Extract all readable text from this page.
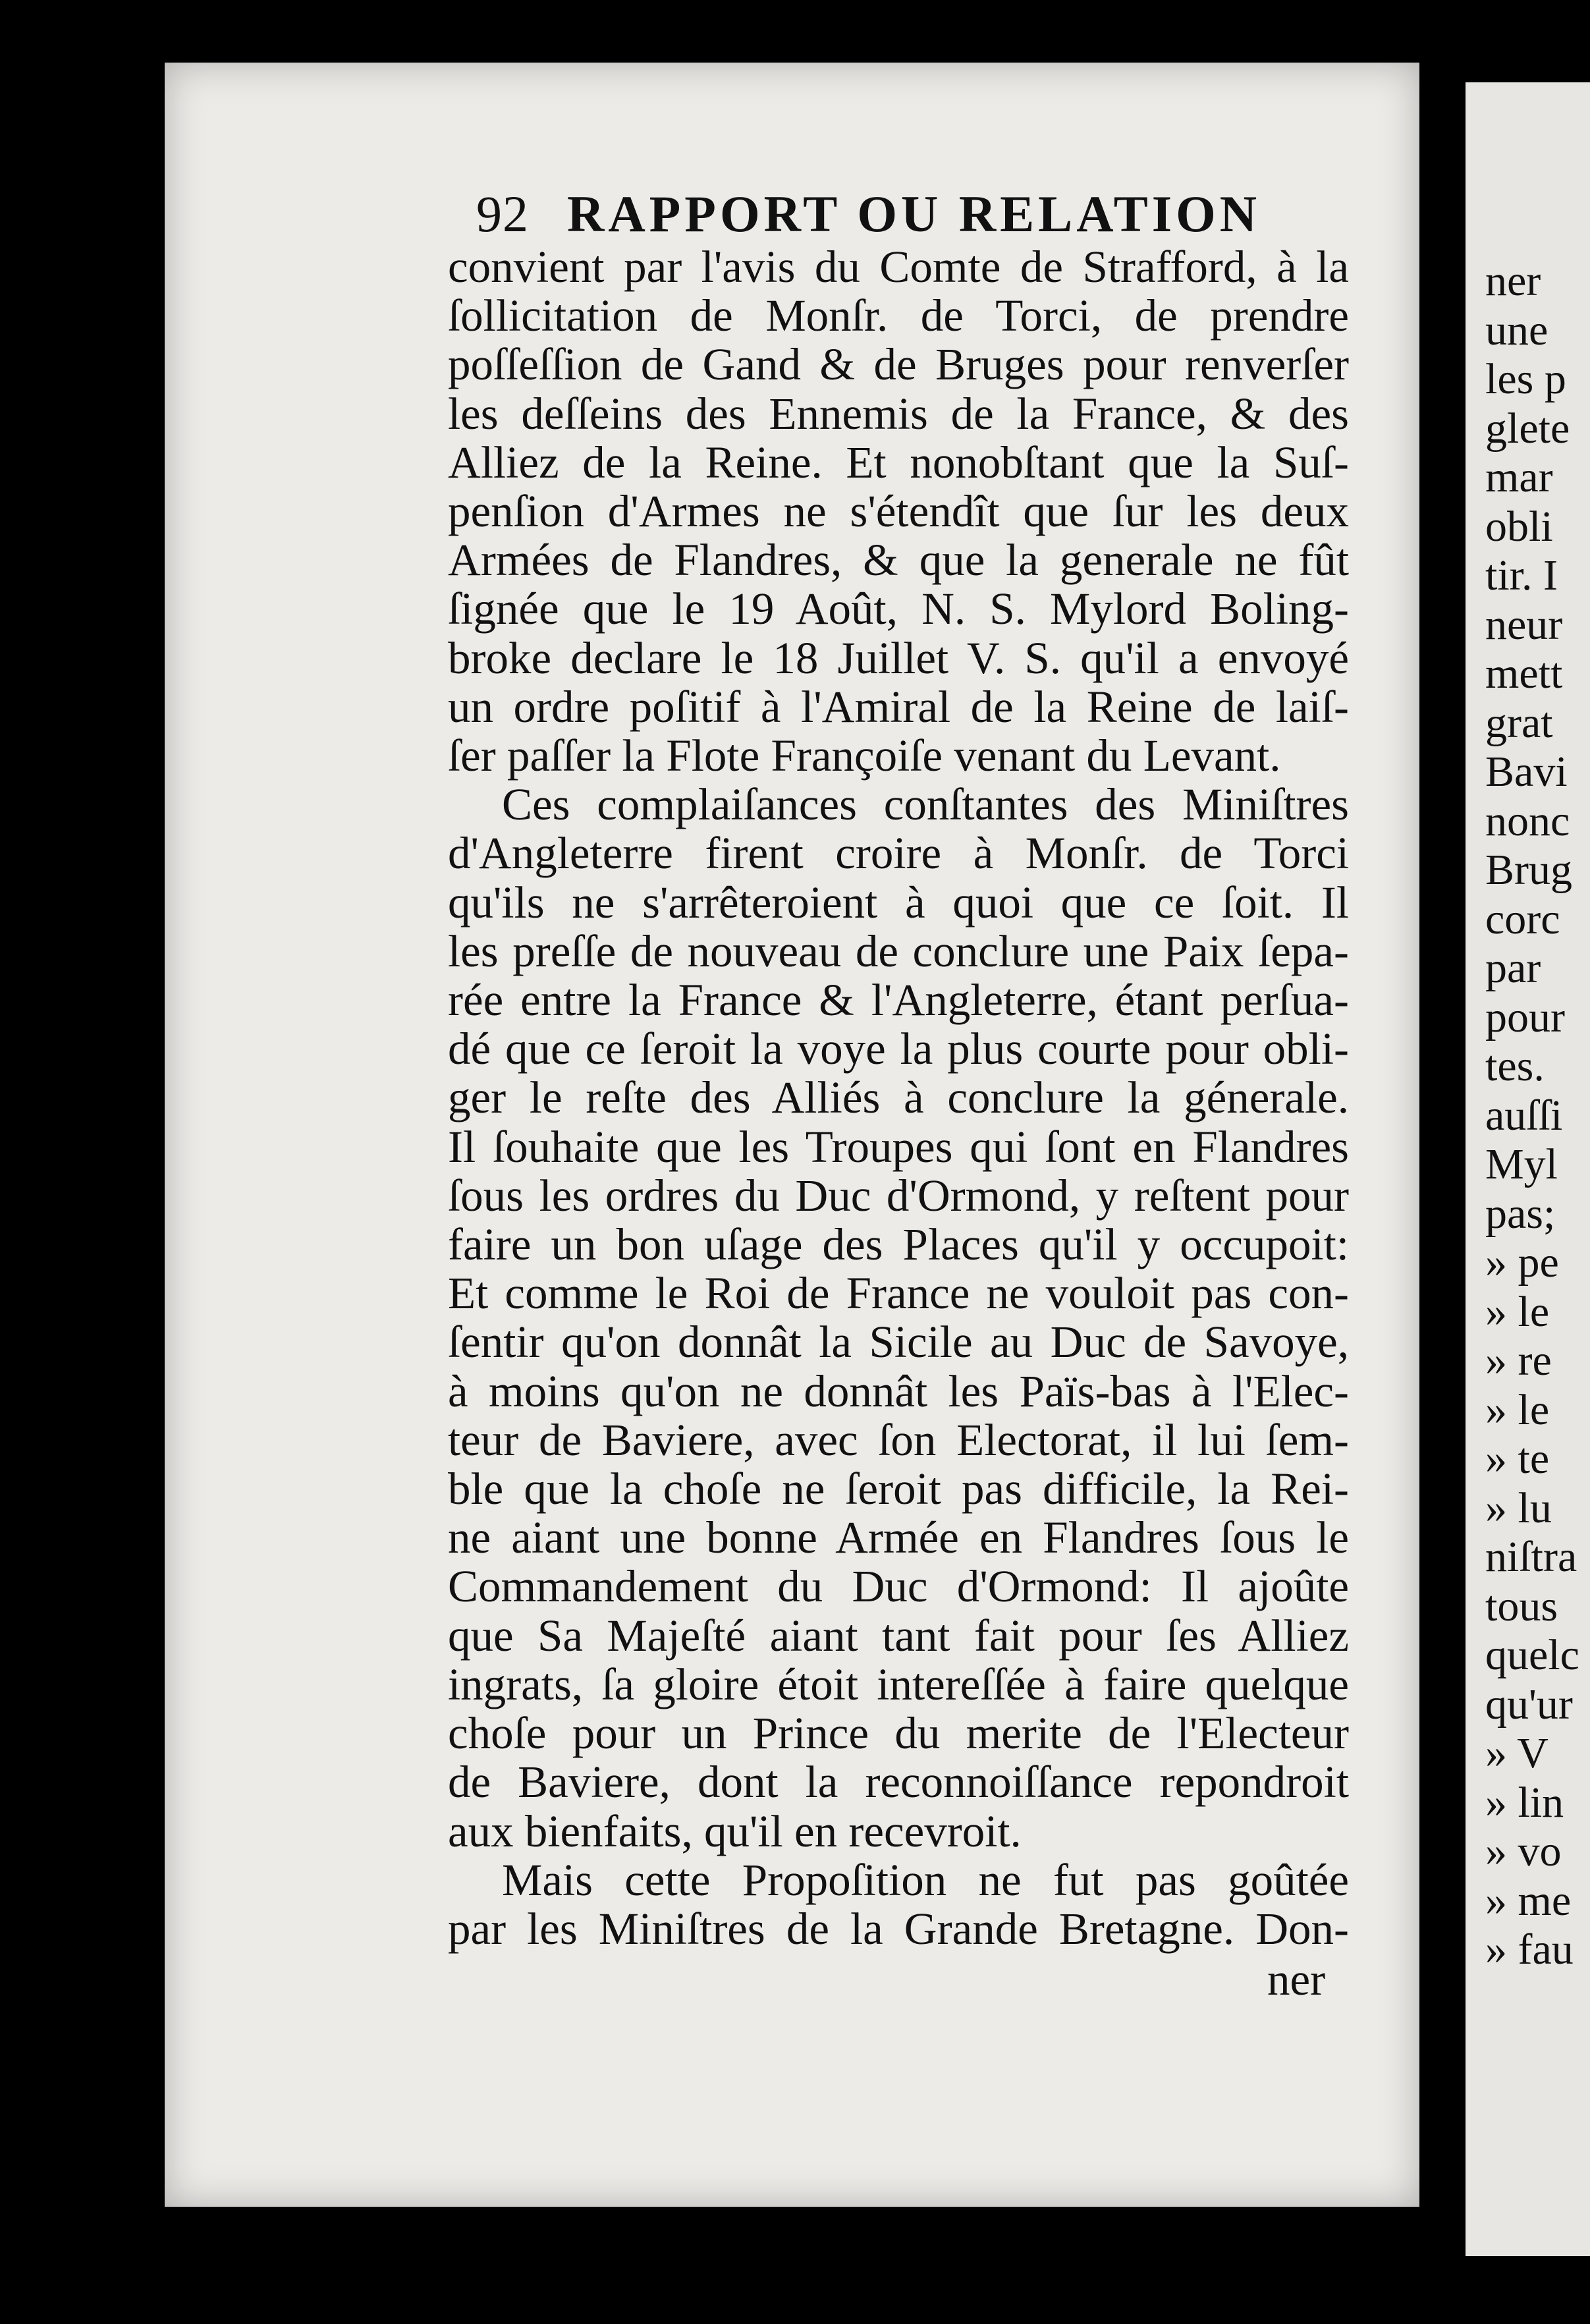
ner
une
les p
glete
mar
obli
tir. I
neur
mett
grat
Bavi
nonc
Brug
corc
par
pour
tes.
auſſi
Myl
pas;
» pe
» le
» re
» le
» te
» lu
niſtra
tous
quelc
qu'ur
» V
» lin
» vo
» me
» fau
92 RAPPORT OU RELATION
convient par l'avis du Comte de Strafford, à la
ſollicitation de Monſr. de Torci, de prendre
poſſeſſion de Gand & de Bruges pour renverſer
les deſſeins des Ennemis de la France, & des
Alliez de la Reine. Et nonobſtant que la Suſ-
penſion d'Armes ne s'étendît que ſur les deux
Armées de Flandres, & que la generale ne fût
ſignée que le 19 Août, N. S. Mylord Boling-
broke declare le 18 Juillet V. S. qu'il a envoyé
un ordre poſitif à l'Amiral de la Reine de laiſ-
ſer paſſer la Flote Françoiſe venant du Levant.
Ces complaiſances conſtantes des Miniſtres
d'Angleterre firent croire à Monſr. de Torci
qu'ils ne s'arrêteroient à quoi que ce ſoit. Il
les preſſe de nouveau de conclure une Paix ſepa-
rée entre la France & l'Angleterre, étant perſua-
dé que ce ſeroit la voye la plus courte pour obli-
ger le reſte des Alliés à conclure la génerale.
Il ſouhaite que les Troupes qui ſont en Flandres
ſous les ordres du Duc d'Ormond, y reſtent pour
faire un bon uſage des Places qu'il y occupoit:
Et comme le Roi de France ne vouloit pas con-
ſentir qu'on donnât la Sicile au Duc de Savoye,
à moins qu'on ne donnât les Païs-bas à l'Elec-
teur de Baviere, avec ſon Electorat, il lui ſem-
ble que la choſe ne ſeroit pas difficile, la Rei-
ne aiant une bonne Armée en Flandres ſous le
Commandement du Duc d'Ormond: Il ajoûte
que Sa Majeſté aiant tant fait pour ſes Alliez
ingrats, ſa gloire étoit intereſſée à faire quelque
choſe pour un Prince du merite de l'Electeur
de Baviere, dont la reconnoiſſance repondroit
aux bienfaits, qu'il en recevroit.
Mais cette Propoſition ne fut pas goûtée
par les Miniſtres de la Grande Bretagne. Don-
ner
